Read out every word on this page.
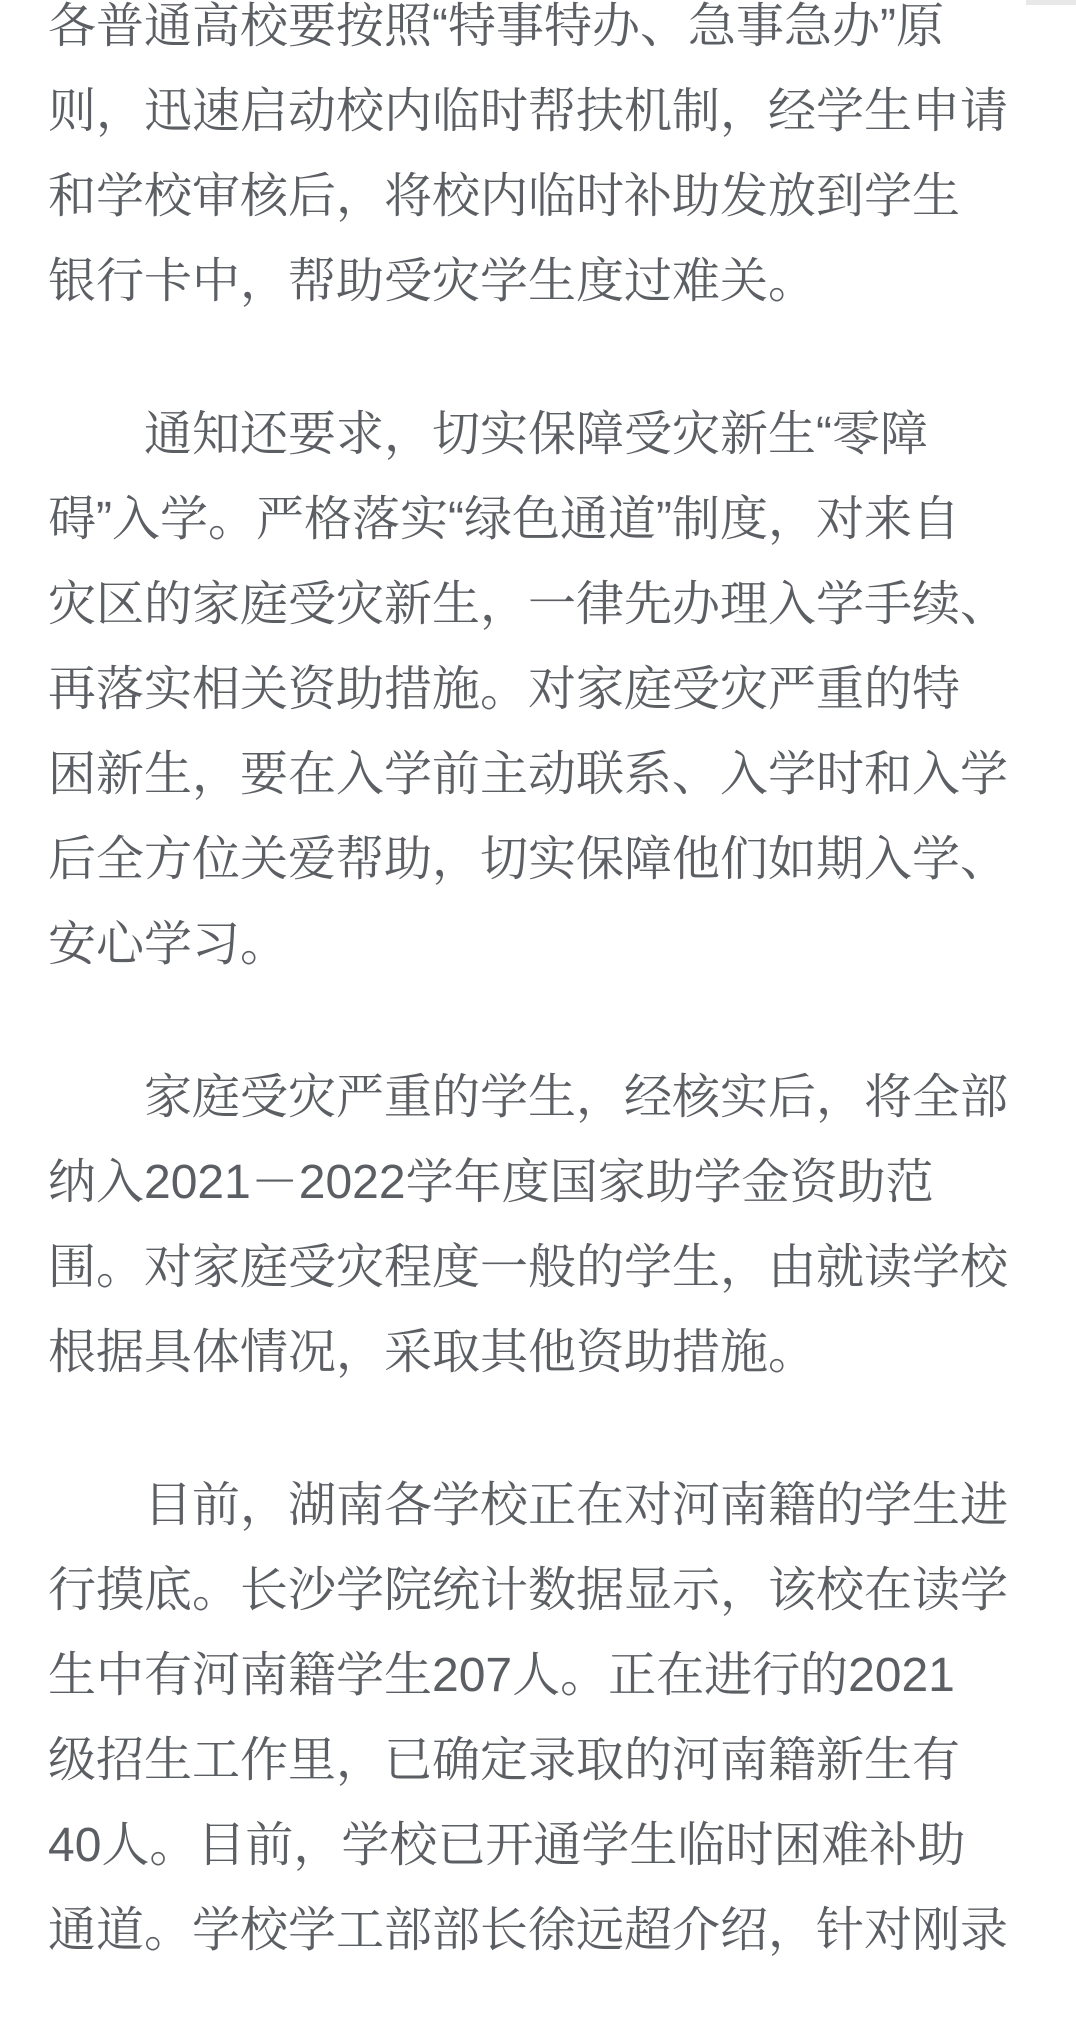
各普通高校要按照“特事特办、急事急办”原
则，迅速启动校内临时帮扶机制，经学生申请
和学校审核后，将校内临时补助发放到学生
银行卡中，帮助受灾学生度过难关。
通知还要求，切实保障受灾新生“零障
碍”入学。严格落实“绿色通道”制度，对来自
灾区的家庭受灾新生，一律先办理入学手续、
再落实相关资助措施。对家庭受灾严重的特
困新生，要在入学前主动联系、入学时和入学
后全方位关爱帮助，切实保障他们如期入学、
安心学习。
家庭受灾严重的学生，经核实后，将全部
纳入2021－2022学年度国家助学金资助范
围。对家庭受灾程度一般的学生，由就读学校
根据具体情况，采取其他资助措施。
目前，湖南各学校正在对河南籍的学生进
行摸底。长沙学院统计数据显示，该校在读学
生中有河南籍学生207人。正在进行的2021
级招生工作里，已确定录取的河南籍新生有
40人。目前，学校已开通学生临时困难补助
通道。学校学工部部长徐远超介绍，针对刚录
